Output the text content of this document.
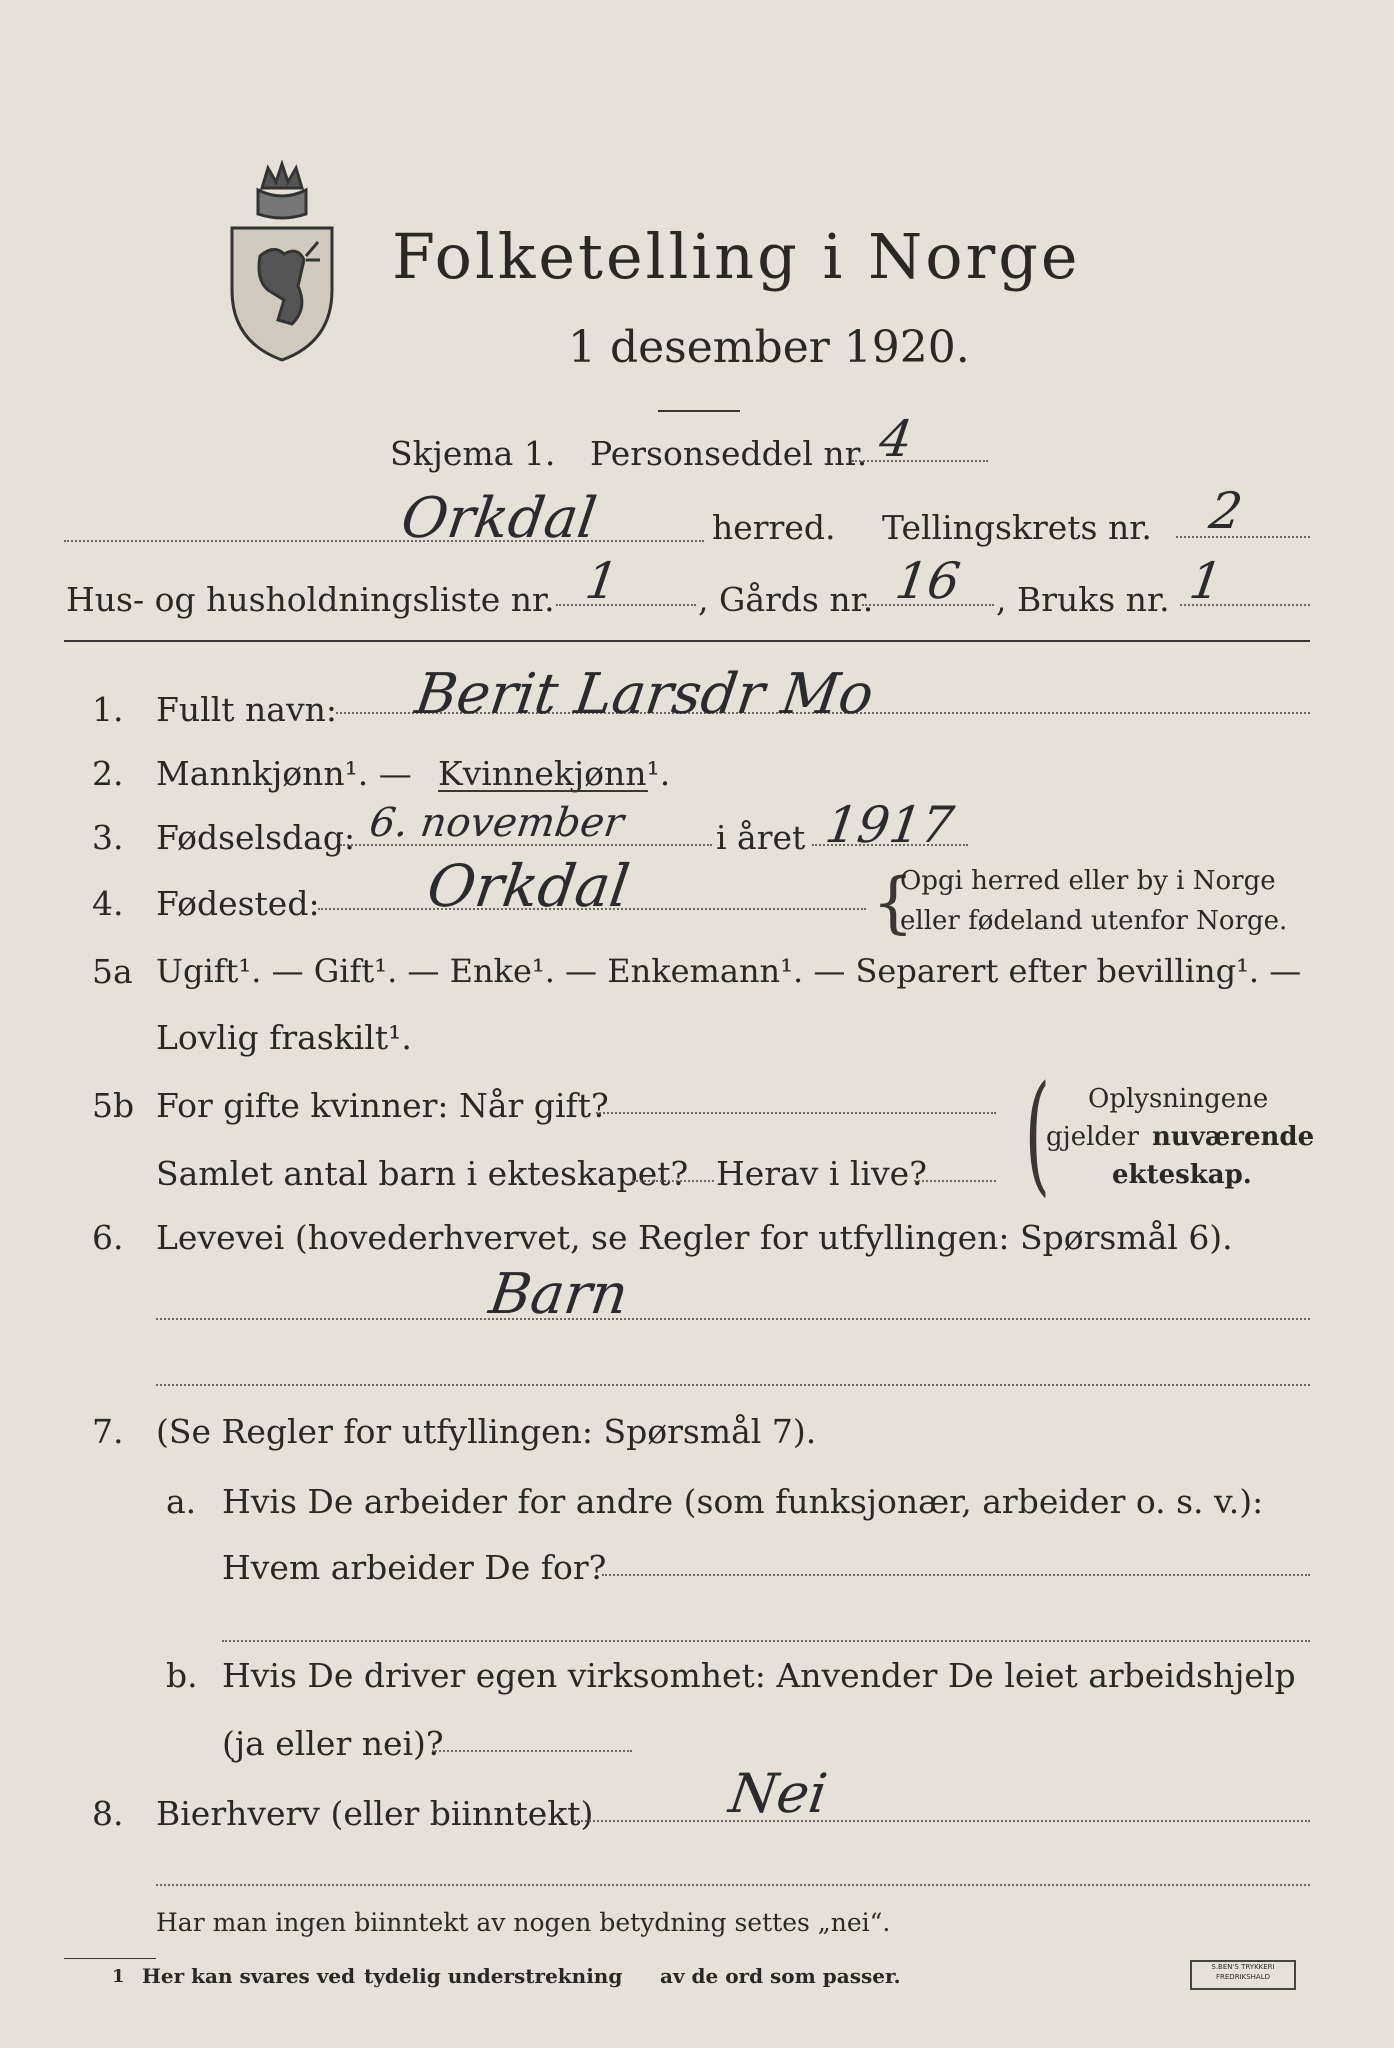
Folketelling i Norge
1 desember 1920.
Skjema 1. Personseddel nr. 4
Orkdal	herred. Tellingskrets nr. 2
Hus- og husholdningsliste nr. 1 , Gårds nr. 16 , Bruks nr. 1
1. Fullt navn: Berit Larsdr Mo
2. Mannkjønn¹. — Kvinnekjønn¹.
3. Fødselsdag: 6. november	i året 1917
4. Fødested: Orkdal	{
Opgi herred eller by i Norge
eller fødeland utenfor Norge.
5a Ugift¹. — Gift¹. — Enke¹. — Enkemann¹. — Separert efter bevilling¹. —
Lovlig fraskilt¹.
5b For gifte kvinner: Når gift?
Samlet antal barn i ekteskapet? Herav i live? ( Oplysningene
gjelder nuværende
ekteskap.
6. Levevei (hovederhvervet, se Regler for utfyllingen: Spørsmål 6).
Barn
7. (Se Regler for utfyllingen: Spørsmål 7).
a. Hvis De arbeider for andre (som funksjonær, arbeider o. s. v.):
Hvem arbeider De for?
b. Hvis De driver egen virksomhet: Anvender De leiet arbeidshjelp
(ja eller nei)?
8. Bierhverv (eller biinntekt) Nei
Har man ingen biinntekt av nogen betydning settes „nei“.
1 Her kan svares ved tydelig understrekning av de ord som passer.	S.BEN'S TRYKKERI
FREDRIKSHALD
